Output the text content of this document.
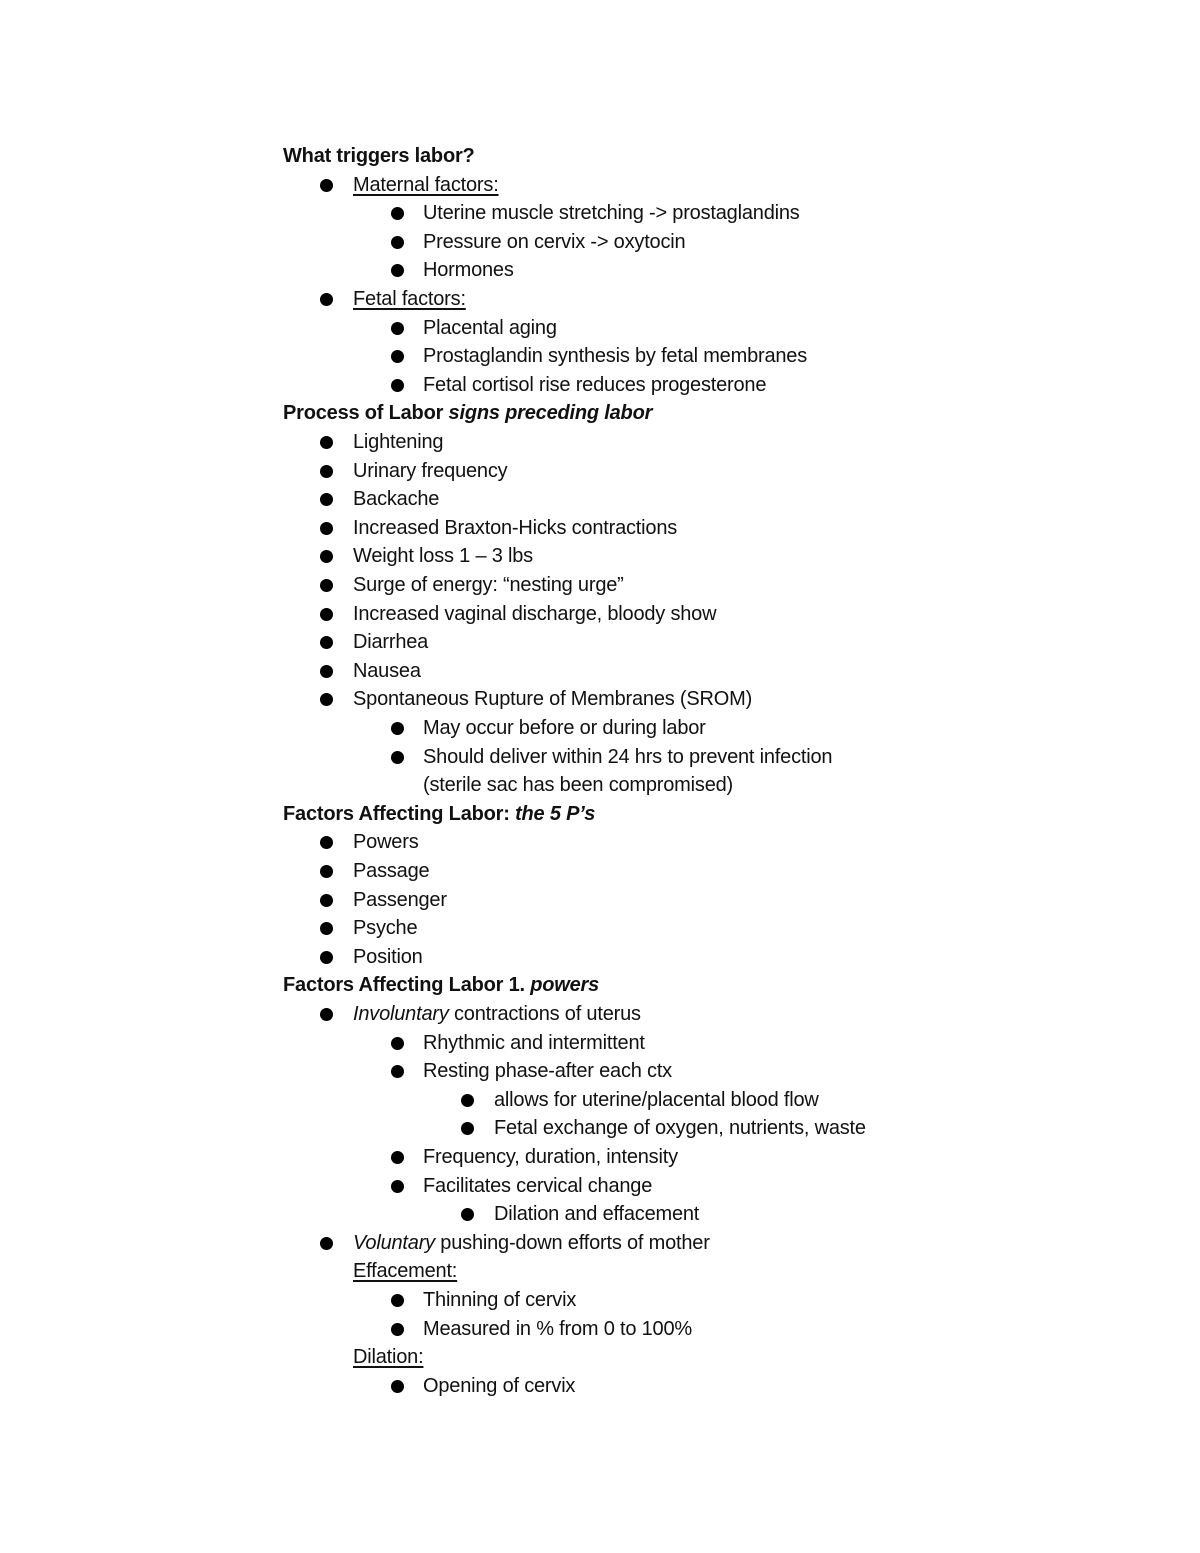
What triggers labor?
Maternal factors:
Uterine muscle stretching -> prostaglandins
Pressure on cervix -> oxytocin
Hormones
Fetal factors:
Placental aging
Prostaglandin synthesis by fetal membranes
Fetal cortisol rise reduces progesterone
Process of Labor signs preceding labor
Lightening
Urinary frequency
Backache
Increased Braxton-Hicks contractions
Weight loss 1 – 3 lbs
Surge of energy: “nesting urge”
Increased vaginal discharge, bloody show
Diarrhea
Nausea
Spontaneous Rupture of Membranes (SROM)
May occur before or during labor
Should deliver within 24 hrs to prevent infection
(sterile sac has been compromised)
Factors Affecting Labor: the 5 P’s
Powers
Passage
Passenger
Psyche
Position
Factors Affecting Labor 1. powers
Involuntary contractions of uterus
Rhythmic and intermittent
Resting phase-after each ctx
allows for uterine/placental blood flow
Fetal exchange of oxygen, nutrients, waste
Frequency, duration, intensity
Facilitates cervical change
Dilation and effacement
Voluntary pushing-down efforts of mother
Effacement:
Thinning of cervix
Measured in % from 0 to 100%
Dilation:
Opening of cervix
